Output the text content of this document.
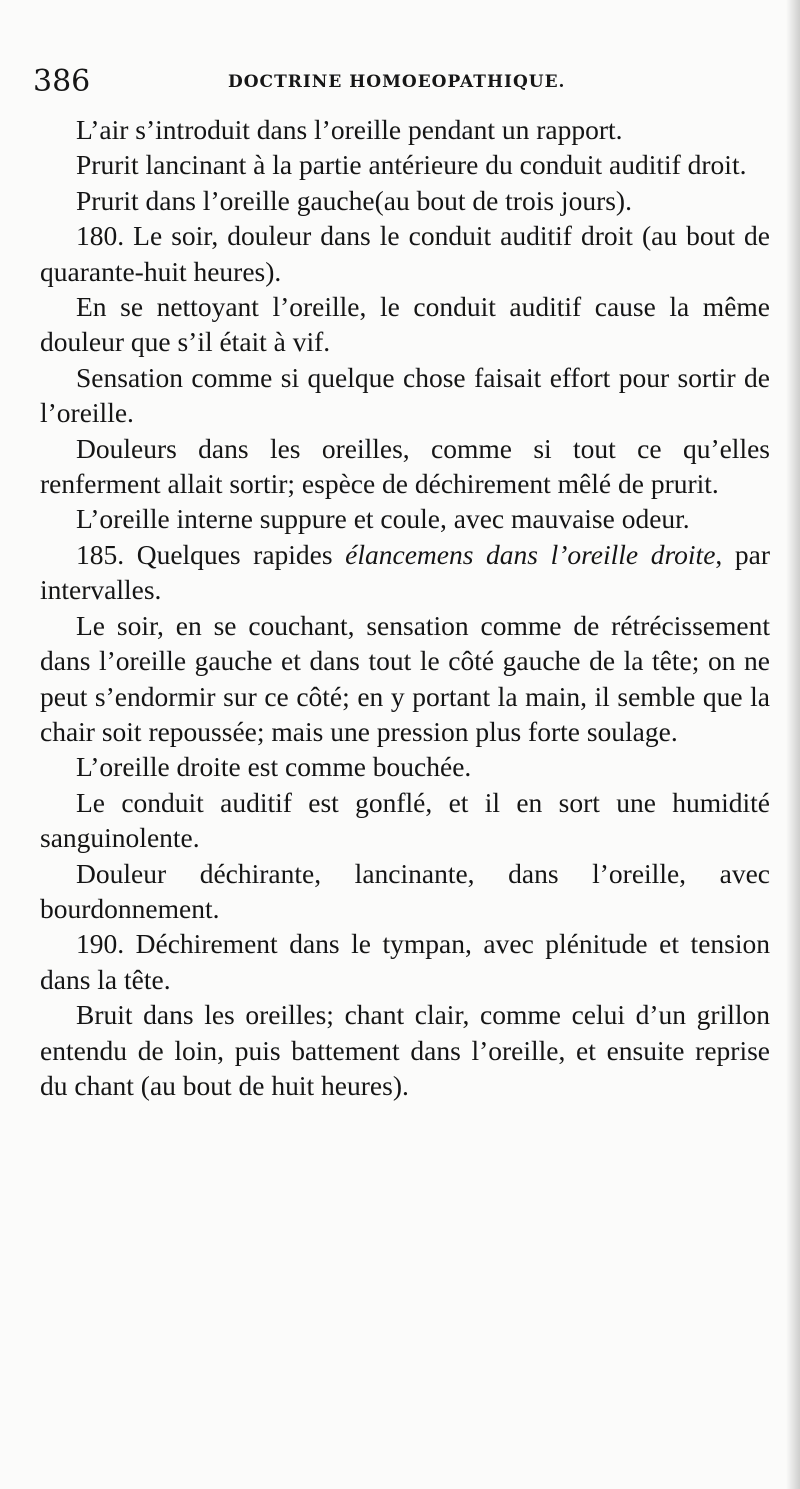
386	DOCTRINE HOMOEOPATHIQUE.

L’air s’introduit dans l’oreille pendant un rapport.

Prurit lancinant à la partie antérieure du conduit auditif droit.

Prurit dans l’oreille gauche(au bout de trois jours).

180. Le soir, douleur dans le conduit auditif droit (au bout de quarante-huit heures).

En se nettoyant l’oreille, le conduit auditif cause la même douleur que s’il était à vif.

Sensation comme si quelque chose faisait effort pour sortir de l’oreille.

Douleurs dans les oreilles, comme si tout ce qu’elles renferment allait sortir; espèce de déchirement mêlé de prurit.

L’oreille interne suppure et coule, avec mauvaise odeur.

185. Quelques rapides élancemens dans l’oreille droite, par intervalles.

Le soir, en se couchant, sensation comme de rétrécissement dans l’oreille gauche et dans tout le côté gauche de la tête; on ne peut s’endormir sur ce côté; en y portant la main, il semble que la chair soit repoussée; mais une pression plus forte soulage.

L’oreille droite est comme bouchée.

Le conduit auditif est gonflé, et il en sort une humidité sanguinolente.

Douleur déchirante, lancinante, dans l’oreille, avec bourdonnement.

190. Déchirement dans le tympan, avec plénitude et tension dans la tête.

Bruit dans les oreilles; chant clair, comme celui d’un grillon entendu de loin, puis battement dans l’oreille, et ensuite reprise du chant (au bout de huit heures).
